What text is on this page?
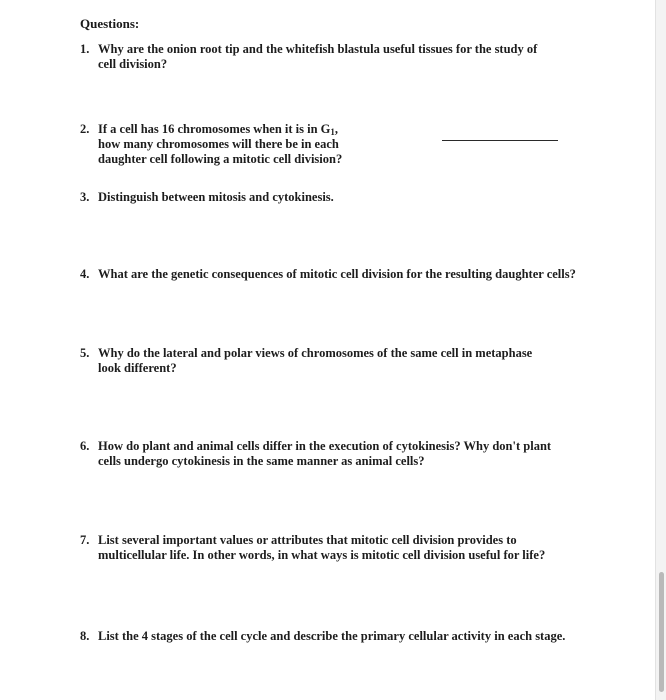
Questions:
1. Why are the onion root tip and the whitefish blastula useful tissues for the study of cell division?
2. If a cell has 16 chromosomes when it is in $G_1$,
how many chromosomes will there be in each
daughter cell following a mitotic cell division?
3. Distinguish between mitosis and cytokinesis.
4. What are the genetic consequences of mitotic cell division for the resulting daughter cells?
5. Why do the lateral and polar views of chromosomes of the same cell in metaphase look different?
6. How do plant and animal cells differ in the execution of cytokinesis? Why don't plant cells undergo cytokinesis in the same manner as animal cells?
7. List several important values or attributes that mitotic cell division provides to multicellular life. In other words, in what ways is mitotic cell division useful for life?
8. List the 4 stages of the cell cycle and describe the primary cellular activity in each stage.
